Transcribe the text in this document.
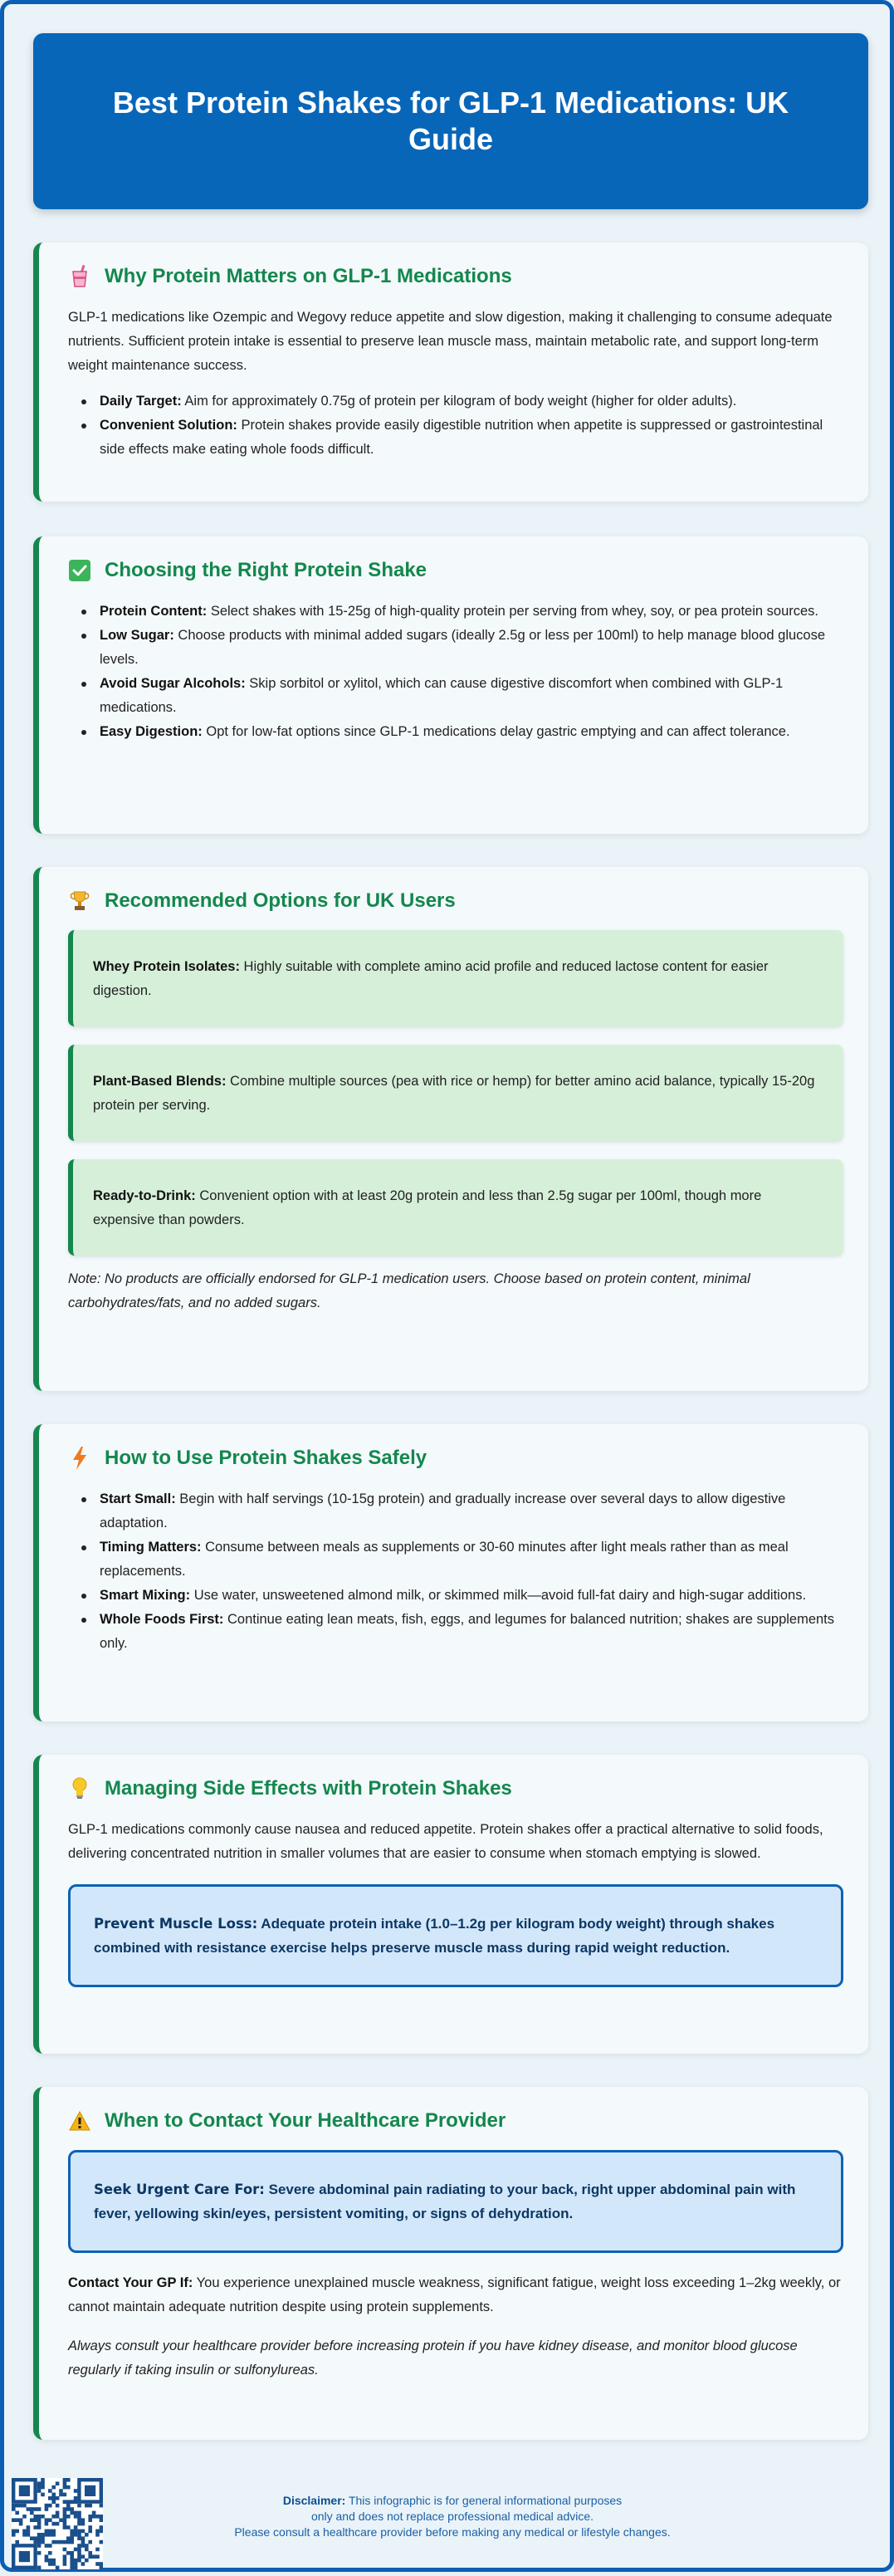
Best Protein Shakes for GLP-1 Medications: UK Guide
Why Protein Matters on GLP-1 Medications

GLP-1 medications like Ozempic and Wegovy reduce appetite and slow digestion, making it challenging to consume adequate nutrients. Sufficient protein intake is essential to preserve lean muscle mass, maintain metabolic rate, and support long-term weight maintenance success.

Daily Target: Aim for approximately 0.75g of protein per kilogram of body weight (higher for older adults).
Convenient Solution: Protein shakes provide easily digestible nutrition when appetite is suppressed or gastrointestinal side effects make eating whole foods difficult.
Choosing the Right Protein Shake
Protein Content: Select shakes with 15-25g of high-quality protein per serving from whey, soy, or pea protein sources.
Low Sugar: Choose products with minimal added sugars (ideally 2.5g or less per 100ml) to help manage blood glucose levels.
Avoid Sugar Alcohols: Skip sorbitol or xylitol, which can cause digestive discomfort when combined with GLP-1 medications.
Easy Digestion: Opt for low-fat options since GLP-1 medications delay gastric emptying and can affect tolerance.
Recommended Options for UK Users
Whey Protein Isolates: Highly suitable with complete amino acid profile and reduced lactose content for easier digestion.
Plant-Based Blends: Combine multiple sources (pea with rice or hemp) for better amino acid balance, typically 15-20g protein per serving.
Ready-to-Drink: Convenient option with at least 20g protein and less than 2.5g sugar per 100ml, though more expensive than powders.

Note: No products are officially endorsed for GLP-1 medication users. Choose based on protein content, minimal carbohydrates/fats, and no added sugars.

How to Use Protein Shakes Safely
Start Small: Begin with half servings (10-15g protein) and gradually increase over several days to allow digestive adaptation.
Timing Matters: Consume between meals as supplements or 30-60 minutes after light meals rather than as meal replacements.
Smart Mixing: Use water, unsweetened almond milk, or skimmed milk—avoid full-fat dairy and high-sugar additions.
Whole Foods First: Continue eating lean meats, fish, eggs, and legumes for balanced nutrition; shakes are supplements only.
Managing Side Effects with Protein Shakes

GLP-1 medications commonly cause nausea and reduced appetite. Protein shakes offer a practical alternative to solid foods, delivering concentrated nutrition in smaller volumes that are easier to consume when stomach emptying is slowed.

Prevent Muscle Loss: Adequate protein intake (1.0–1.2g per kilogram body weight) through shakes combined with resistance exercise helps preserve muscle mass during rapid weight reduction.
When to Contact Your Healthcare Provider
Seek Urgent Care For: Severe abdominal pain radiating to your back, right upper abdominal pain with fever, yellowing skin/eyes, persistent vomiting, or signs of dehydration.

Contact Your GP If: You experience unexplained muscle weakness, significant fatigue, weight loss exceeding 1–2kg weekly, or cannot maintain adequate nutrition despite using protein supplements.

Always consult your healthcare provider before increasing protein if you have kidney disease, and monitor blood glucose regularly if taking insulin or sulfonylureas.

Disclaimer: This infographic is for general informational purposes
only and does not replace professional medical advice.
Please consult a healthcare provider before making any medical or lifestyle changes.
